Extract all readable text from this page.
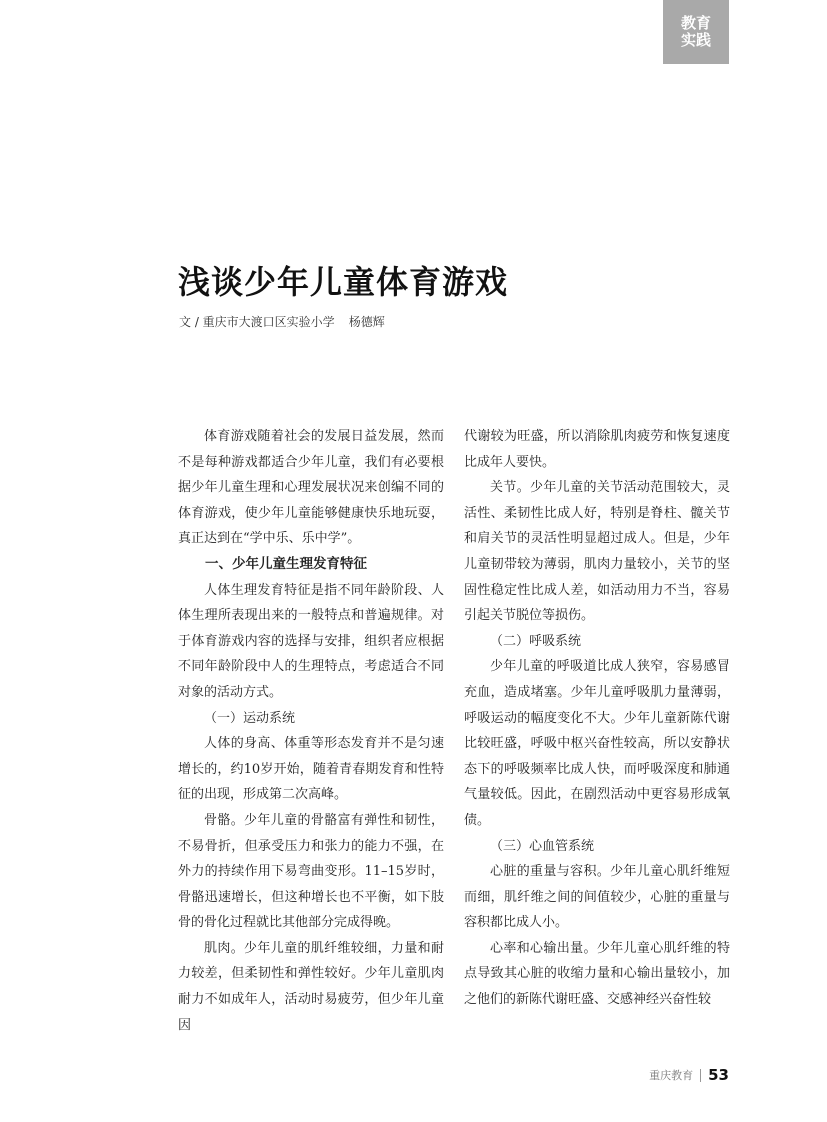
教育
实践
浅谈少年儿童体育游戏
文 / 重庆市大渡口区实验小学 杨德辉

体育游戏随着社会的发展日益发展，然而不是每种游戏都适合少年儿童，我们有必要根据少年儿童生理和心理发展状况来创编不同的体育游戏，使少年儿童能够健康快乐地玩耍，真正达到在“学中乐、乐中学”。

一、少年儿童生理发育特征

人体生理发育特征是指不同年龄阶段、人体生理所表现出来的一般特点和普遍规律。对于体育游戏内容的选择与安排，组织者应根据不同年龄阶段中人的生理特点，考虑适合不同对象的活动方式。

（一）运动系统

人体的身高、体重等形态发育并不是匀速增长的，约10岁开始，随着青春期发育和性特征的出现，形成第二次高峰。

骨骼。少年儿童的骨骼富有弹性和韧性，不易骨折，但承受压力和张力的能力不强，在外力的持续作用下易弯曲变形。11–15岁时，骨骼迅速增长，但这种增长也不平衡，如下肢骨的骨化过程就比其他部分完成得晚。

肌肉。少年儿童的肌纤维较细，力量和耐力较差，但柔韧性和弹性较好。少年儿童肌肉耐力不如成年人，活动时易疲劳，但少年儿童因

代谢较为旺盛，所以消除肌肉疲劳和恢复速度比成年人要快。

关节。少年儿童的关节活动范围较大，灵活性、柔韧性比成人好，特别是脊柱、髋关节和肩关节的灵活性明显超过成人。但是，少年儿童韧带较为薄弱，肌肉力量较小，关节的坚固性稳定性比成人差，如活动用力不当，容易引起关节脱位等损伤。

（二）呼吸系统

少年儿童的呼吸道比成人狭窄，容易感冒充血，造成堵塞。少年儿童呼吸肌力量薄弱，呼吸运动的幅度变化不大。少年儿童新陈代谢比较旺盛，呼吸中枢兴奋性较高，所以安静状态下的呼吸频率比成人快，而呼吸深度和肺通气量较低。因此，在剧烈活动中更容易形成氧债。

（三）心血管系统

心脏的重量与容积。少年儿童心肌纤维短而细，肌纤维之间的间值较少，心脏的重量与容积都比成人小。

心率和心输出量。少年儿童心肌纤维的特点导致其心脏的收缩力量和心输出量较小，加之他们的新陈代谢旺盛、交感神经兴奋性较

重庆教育 53
